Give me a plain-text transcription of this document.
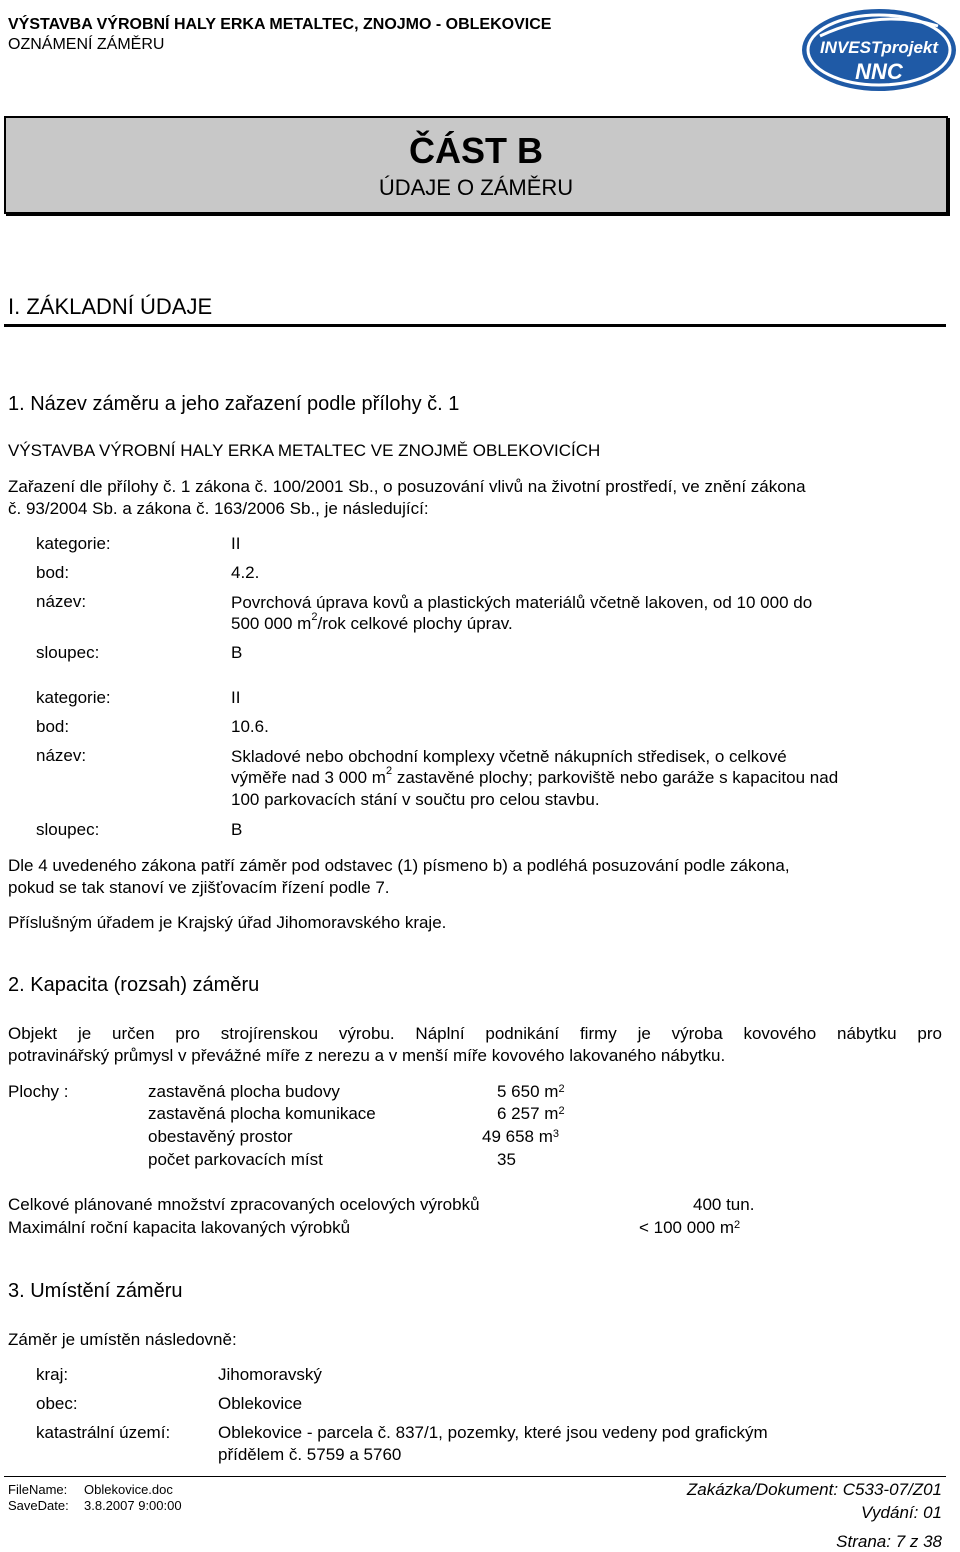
VÝSTAVBA VÝROBNÍ HALY ERKA METALTEC, ZNOJMO - OBLEKOVICE
OZNÁMENÍ ZÁMĚRU	INVESTprojekt
NNC
ČÁST B
ÚDAJE O ZÁMĚRU
I. ZÁKLADNÍ ÚDAJE
1. Název záměru a jeho zařazení podle přílohy č. 1
VÝSTAVBA VÝROBNÍ HALY ERKA METALTEC VE ZNOJMĚ OBLEKOVICÍCH
Zařazení dle přílohy č. 1 zákona č. 100/2001 Sb., o posuzování vlivů na životní prostředí, ve znění zákona
č. 93/2004 Sb. a zákona č. 163/2006 Sb., je následující:
kategorie:	II
bod:	4.2.
název:	Povrchová úprava kovů a plastických materiálů včetně lakoven, od 10 000 do
500 000 $m^2$/rok celkové plochy úprav.
sloupec:	B
kategorie:	II
bod:	10.6.
název:	Skladové nebo obchodní komplexy včetně nákupních středisek, o celkové
výměře nad 3 000 $m^2$ zastavěné plochy; parkoviště nebo garáže s kapacitou nad
100 parkovacích stání v součtu pro celou stavbu.
sloupec:	B
Dle 4 uvedeného zákona patří záměr pod odstavec (1) písmeno b) a podléhá posuzování podle zákona,
pokud se tak stanoví ve zjišťovacím řízení podle 7.
Příslušným úřadem je Krajský úřad Jihomoravského kraje.
2. Kapacita (rozsah) záměru
Objekt je určen pro strojírenskou výrobu. Náplní podnikání firmy je výroba kovového nábytku pro
potravinářský průmysl v převážné míře z nerezu a v menší míře kovového lakovaného nábytku.
Plochy :	zastavěná plocha budovy	5 650 $m^2$
zastavěná plocha komunikace	6 257 $m^2$
obestavěný prostor	49 658 $m^3$
počet parkovacích míst	35
Celkové plánované množství zpracovaných ocelových výrobků	400 tun.
Maximální roční kapacita lakovaných výrobků	< 100 000 $m^2$
3. Umístění záměru
Záměr je umístěn následovně:
kraj:	Jihomoravský
obec:	Oblekovice
katastrální území:	Oblekovice - parcela č. 837/1, pozemky, které jsou vedeny pod grafickým
přídělem č. 5759 a 5760
FileName: Oblekovice.doc
SaveDate: 3.8.2007 9:00:00
Zakázka/Dokument: C533-07/Z01
Vydání: 01
Strana: 7 z 38
